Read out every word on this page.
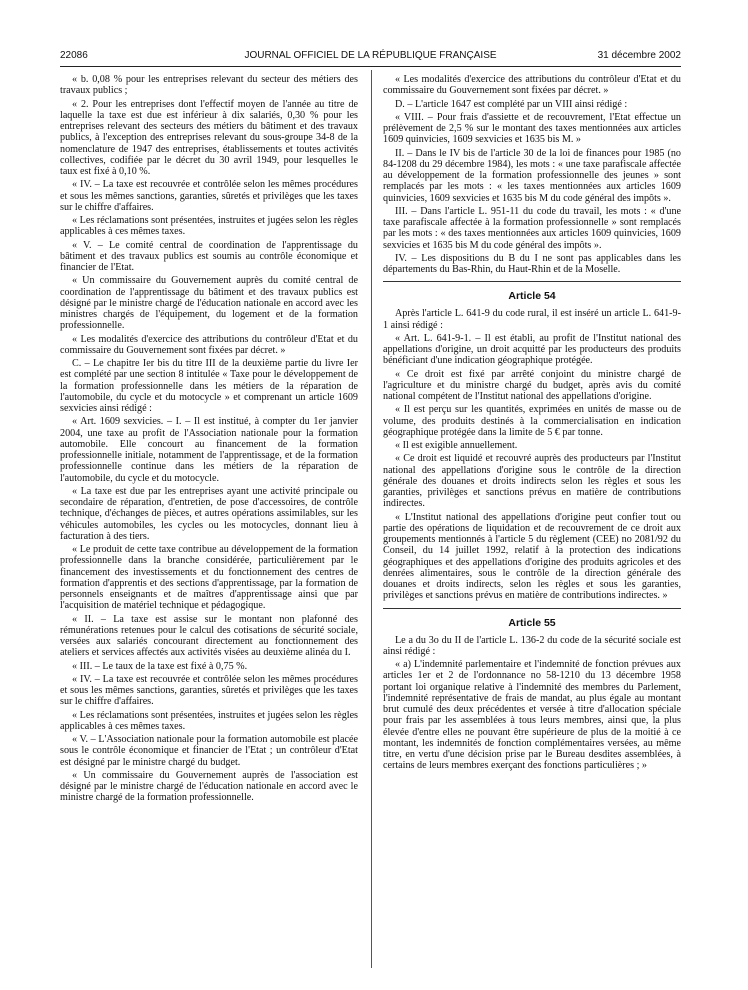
22086	JOURNAL OFFICIEL DE LA RÉPUBLIQUE FRANÇAISE	31 décembre 2002

« b. 0,08 % pour les entreprises relevant du secteur des métiers des travaux publics ;

« 2. Pour les entreprises dont l'effectif moyen de l'année au titre de laquelle la taxe est due est inférieur à dix salariés, 0,30 % pour les entreprises relevant des secteurs des métiers du bâtiment et des travaux publics, à l'exception des entreprises relevant du sous-groupe 34-8 de la nomenclature de 1947 des entreprises, établissements et toutes activités collectives, codifiée par le décret du 30 avril 1949, pour lesquelles le taux est fixé à 0,10 %.

« IV. – La taxe est recouvrée et contrôlée selon les mêmes procédures et sous les mêmes sanctions, garanties, sûretés et privilèges que les taxes sur le chiffre d'affaires.

« Les réclamations sont présentées, instruites et jugées selon les règles applicables à ces mêmes taxes.

« V. – Le comité central de coordination de l'apprentissage du bâtiment et des travaux publics est soumis au contrôle économique et financier de l'Etat.

« Un commissaire du Gouvernement auprès du comité central de coordination de l'apprentissage du bâtiment et des travaux publics est désigné par le ministre chargé de l'éducation nationale en accord avec les ministres chargés de l'équipement, du logement et de la formation professionnelle.

« Les modalités d'exercice des attributions du contrôleur d'Etat et du commissaire du Gouvernement sont fixées par décret. »

C. – Le chapitre Ier bis du titre III de la deuxième partie du livre Ier est complété par une section 8 intitulée « Taxe pour le développement de la formation professionnelle dans les métiers de la réparation de l'automobile, du cycle et du motocycle » et comprenant un article 1609 sexvicies ainsi rédigé :

« Art. 1609 sexvicies. – I. – Il est institué, à compter du 1er janvier 2004, une taxe au profit de l'Association nationale pour la formation automobile. Elle concourt au financement de la formation professionnelle initiale, notamment de l'apprentissage, et de la formation professionnelle continue dans les métiers de la réparation de l'automobile, du cycle et du motocycle.

« La taxe est due par les entreprises ayant une activité principale ou secondaire de réparation, d'entretien, de pose d'accessoires, de contrôle technique, d'échanges de pièces, et autres opérations assimilables, sur les véhicules automobiles, les cycles ou les motocycles, donnant lieu à facturation à des tiers.

« Le produit de cette taxe contribue au développement de la formation professionnelle dans la branche considérée, particulièrement par le financement des investissements et du fonctionnement des centres de formation d'apprentis et des sections d'apprentissage, par la formation de personnels enseignants et de maîtres d'apprentissage ainsi que par l'acquisition de matériel technique et pédagogique.

« II. – La taxe est assise sur le montant non plafonné des rémunérations retenues pour le calcul des cotisations de sécurité sociale, versées aux salariés concourant directement au fonctionnement des ateliers et services affectés aux activités visées au deuxième alinéa du I.

« III. – Le taux de la taxe est fixé à 0,75 %.

« IV. – La taxe est recouvrée et contrôlée selon les mêmes procédures et sous les mêmes sanctions, garanties, sûretés et privilèges que les taxes sur le chiffre d'affaires.

« Les réclamations sont présentées, instruites et jugées selon les règles applicables à ces mêmes taxes.

« V. – L'Association nationale pour la formation automobile est placée sous le contrôle économique et financier de l'Etat ; un contrôleur d'Etat est désigné par le ministre chargé du budget.

« Un commissaire du Gouvernement auprès de l'association est désigné par le ministre chargé de l'éducation nationale en accord avec le ministre chargé de la formation professionnelle.

« Les modalités d'exercice des attributions du contrôleur d'Etat et du commissaire du Gouvernement sont fixées par décret. »

D. – L'article 1647 est complété par un VIII ainsi rédigé :

« VIII. – Pour frais d'assiette et de recouvrement, l'Etat effectue un prélèvement de 2,5 % sur le montant des taxes mentionnées aux articles 1609 quinvicies, 1609 sexvicies et 1635 bis M. »

II. – Dans le IV bis de l'article 30 de la loi de finances pour 1985 (no 84-1208 du 29 décembre 1984), les mots : « une taxe parafiscale affectée au développement de la formation professionnelle des jeunes » sont remplacés par les mots : « les taxes mentionnées aux articles 1609 quinvicies, 1609 sexvicies et 1635 bis M du code général des impôts ».

III. – Dans l'article L. 951-11 du code du travail, les mots : « d'une taxe parafiscale affectée à la formation professionnelle » sont remplacés par les mots : « des taxes mentionnées aux articles 1609 quinvicies, 1609 sexvicies et 1635 bis M du code général des impôts ».

IV. – Les dispositions du B du I ne sont pas applicables dans les départements du Bas-Rhin, du Haut-Rhin et de la Moselle.

Article 54

Après l'article L. 641-9 du code rural, il est inséré un article L. 641-9-1 ainsi rédigé :

« Art. L. 641-9-1. – Il est établi, au profit de l'Institut national des appellations d'origine, un droit acquitté par les producteurs des produits bénéficiant d'une indication géographique protégée.

« Ce droit est fixé par arrêté conjoint du ministre chargé de l'agriculture et du ministre chargé du budget, après avis du comité national compétent de l'Institut national des appellations d'origine.

« Il est perçu sur les quantités, exprimées en unités de masse ou de volume, des produits destinés à la commercialisation en indication géographique protégée dans la limite de 5 € par tonne.

« Il est exigible annuellement.

« Ce droit est liquidé et recouvré auprès des producteurs par l'Institut national des appellations d'origine sous le contrôle de la direction générale des douanes et droits indirects selon les règles et sous les garanties, privilèges et sanctions prévus en matière de contributions indirectes.

« L'Institut national des appellations d'origine peut confier tout ou partie des opérations de liquidation et de recouvrement de ce droit aux groupements mentionnés à l'article 5 du règlement (CEE) no 2081/92 du Conseil, du 14 juillet 1992, relatif à la protection des indications géographiques et des appellations d'origine des produits agricoles et des denrées alimentaires, sous le contrôle de la direction générale des douanes et droits indirects, selon les règles et sous les garanties, privilèges et sanctions prévus en matière de contributions indirectes. »

Article 55

Le a du 3o du II de l'article L. 136-2 du code de la sécurité sociale est ainsi rédigé :

« a) L'indemnité parlementaire et l'indemnité de fonction prévues aux articles 1er et 2 de l'ordonnance no 58-1210 du 13 décembre 1958 portant loi organique relative à l'indemnité des membres du Parlement, l'indemnité représentative de frais de mandat, au plus égale au montant brut cumulé des deux précédentes et versée à titre d'allocation spéciale pour frais par les assemblées à tous leurs membres, ainsi que, la plus élevée d'entre elles ne pouvant être supérieure de plus de la moitié à ce montant, les indemnités de fonction complémentaires versées, au même titre, en vertu d'une décision prise par le Bureau desdites assemblées, à certains de leurs membres exerçant des fonctions particulières ; »
